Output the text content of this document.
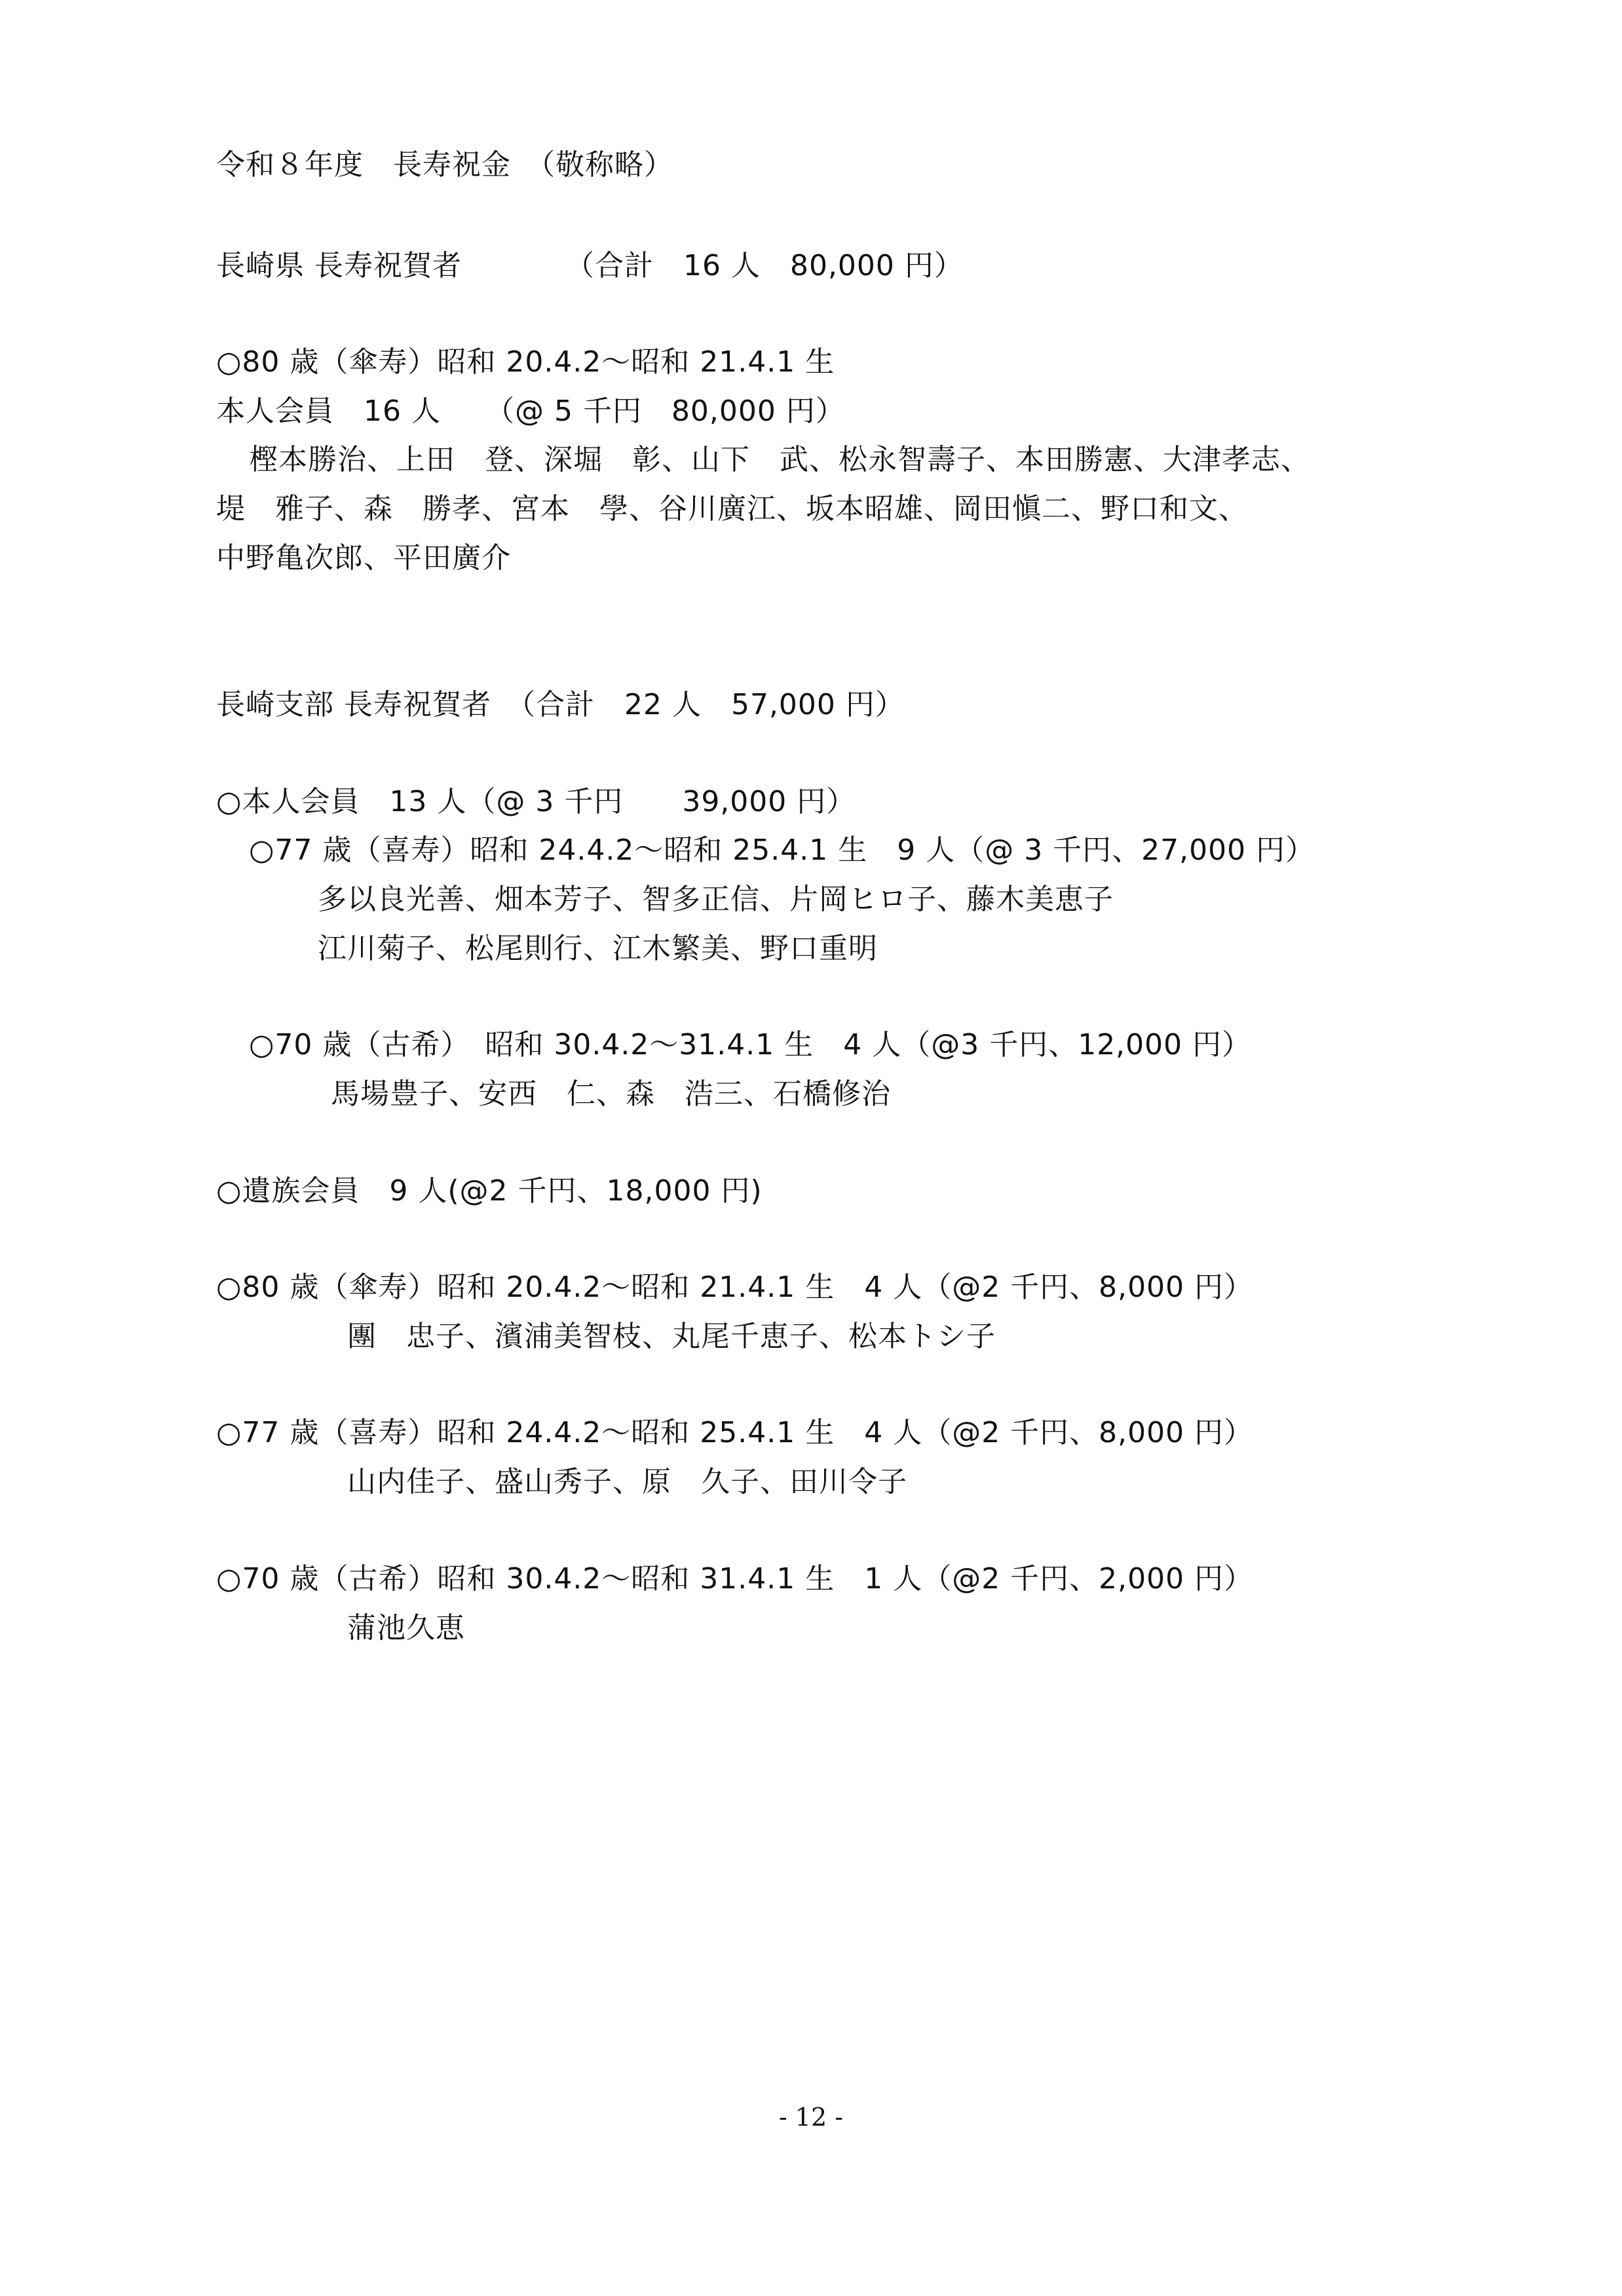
令和８年度　長寿祝金　（敬称略）
長崎県 長寿祝賀者　　　　（合計　16 人　80,000 円）
○80 歳（傘寿）昭和 20.4.2～昭和 21.4.1 生
本人会員　16 人　　（@ 5 千円　80,000 円）
樫本勝治、上田　登、深堀　彰、山下　武、松永智壽子、本田勝憲、大津孝志、
堤　雅子、森　勝孝、宮本　學、谷川廣江、坂本昭雄、岡田愼二、野口和文、
中野亀次郎、平田廣介
長崎支部 長寿祝賀者　（合計　22 人　57,000 円）
○本人会員　13 人（@ 3 千円　　39,000 円）
○77 歳（喜寿）昭和 24.4.2～昭和 25.4.1 生　9 人（@ 3 千円、27,000 円）
多以良光善、畑本芳子、智多正信、片岡ヒロ子、藤木美恵子
江川菊子、松尾則行、江木繁美、野口重明
○70 歳（古希）　昭和 30.4.2～31.4.1 生　4 人（@3 千円、12,000 円）
馬場豊子、安西　仁、森　浩三、石橋修治
○遺族会員　9 人(@2 千円、18,000 円)
○80 歳（傘寿）昭和 20.4.2～昭和 21.4.1 生　4 人（@2 千円、8,000 円）
團　忠子、濱浦美智枝、丸尾千恵子、松本トシ子
○77 歳（喜寿）昭和 24.4.2～昭和 25.4.1 生　4 人（@2 千円、8,000 円）
山内佳子、盛山秀子、原　久子、田川令子
○70 歳（古希）昭和 30.4.2～昭和 31.4.1 生　1 人（@2 千円、2,000 円）
蒲池久恵
- 12 -
